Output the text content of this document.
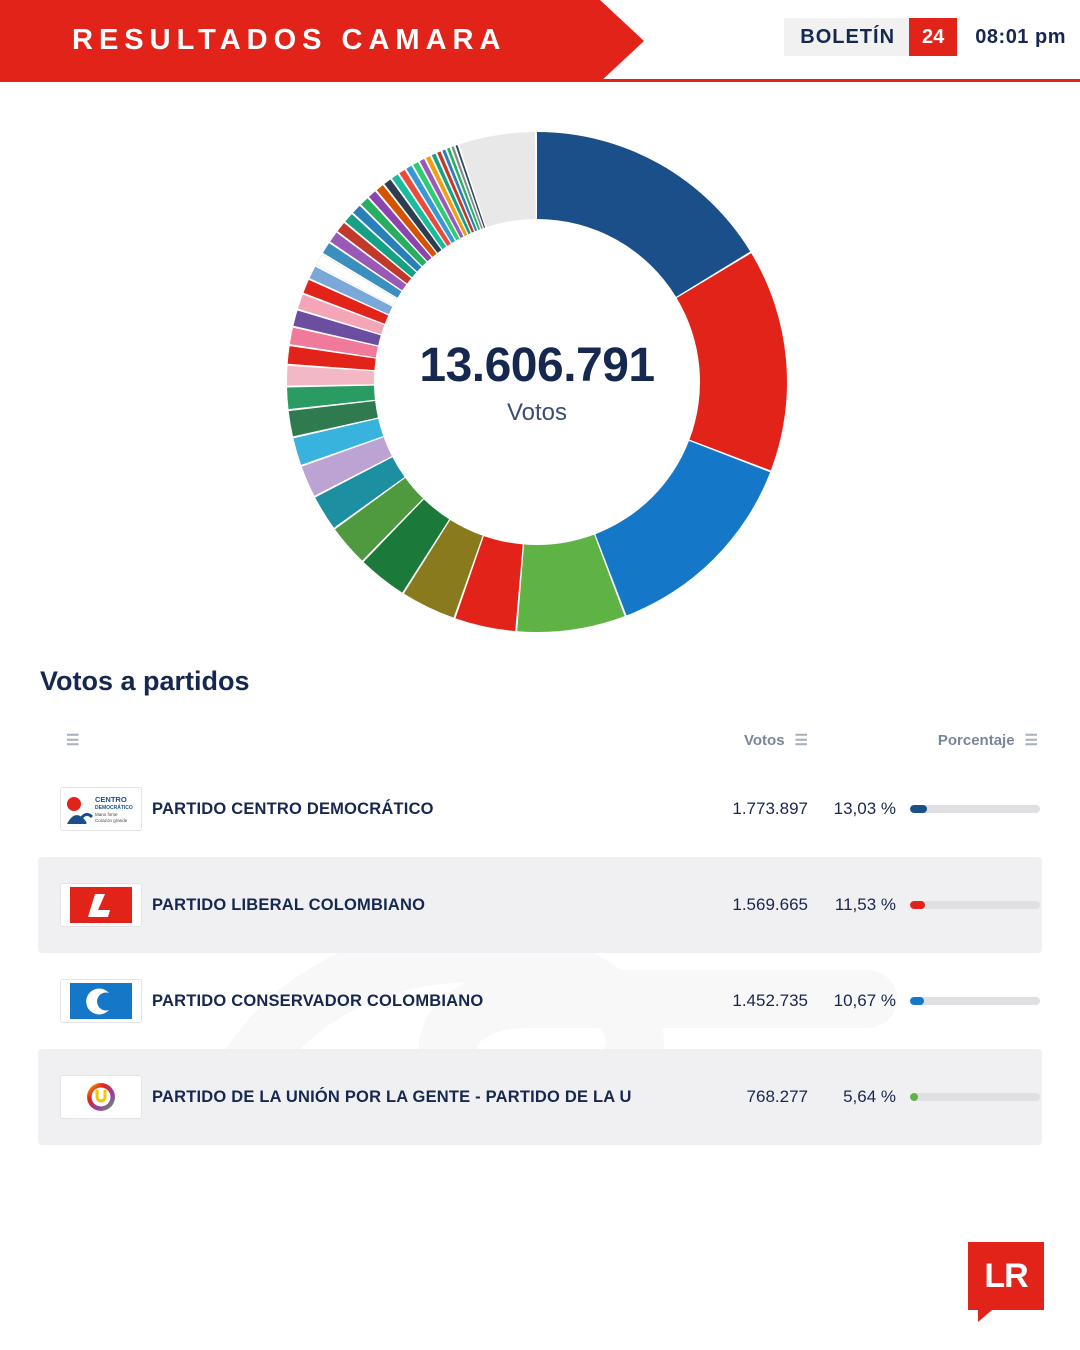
RESULTADOS CAMARA	BOLETÍN	24	08:01 pm
13.606.791
Votos
Votos a partidos
☰	Votos ☰	Porcentaje ☰
CENTRO
DEMOCRÁTICO
Mano firme
Corazón grande
PARTIDO CENTRO DEMOCRÁTICO	1.773.897 13,03 %
PARTIDO LIBERAL COLOMBIANO	1.569.665 11,53 %
PARTIDO CONSERVADOR COLOMBIANO	1.452.735 10,67 %
PARTIDO DE LA UNIÓN POR LA GENTE - PARTIDO DE LA U	768.277 5,64 %
LR
